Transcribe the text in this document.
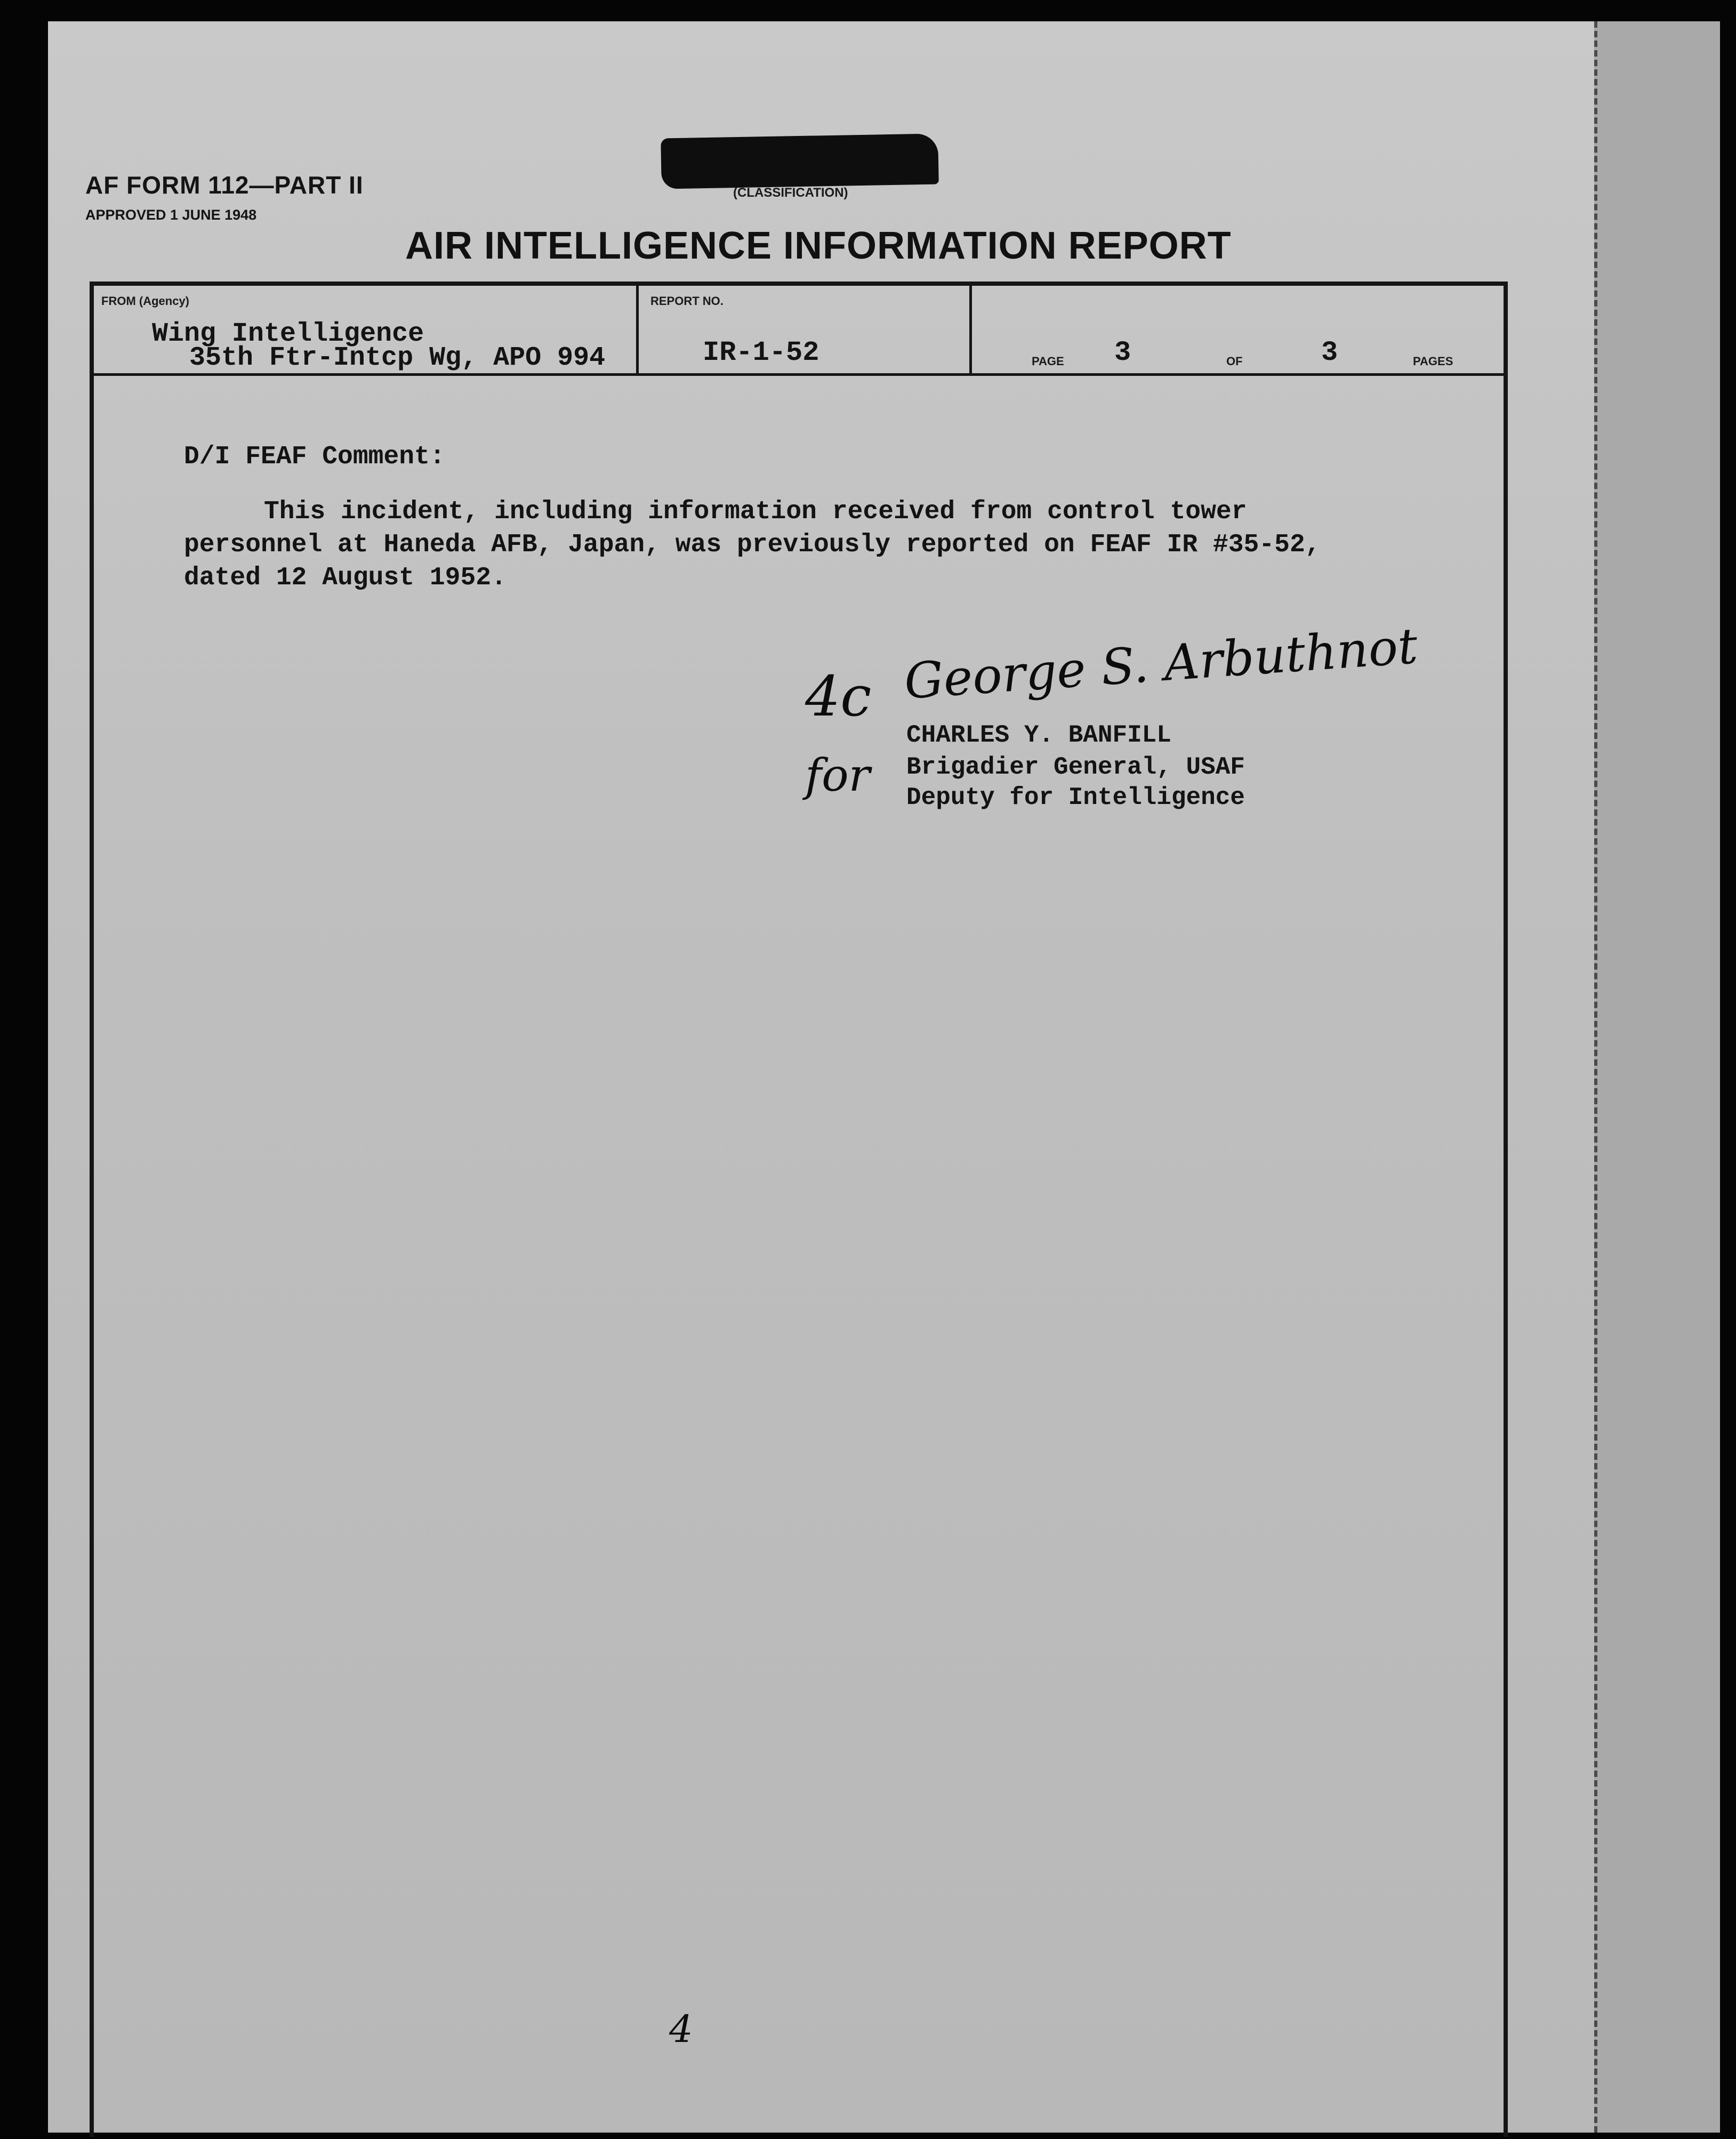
AF FORM 112—PART II
APPROVED 1 JUNE 1948
(CLASSIFICATION)
AIR INTELLIGENCE INFORMATION REPORT
FROM (Agency)
Wing Intelligence
35th Ftr-Intcp Wg, APO 994
REPORT NO.
IR-1-52	PAGE 3	OF	3	PAGES
D/I FEAF Comment:
This incident, including information received from control tower
personnel at Haneda AFB, Japan, was previously reported on FEAF IR #35-52,
dated 12 August 1952.
4c George S. Arbuthnot
CHARLES Y. BANFILL
for Brigadier General, USAF
Deputy for Intelligence
4
